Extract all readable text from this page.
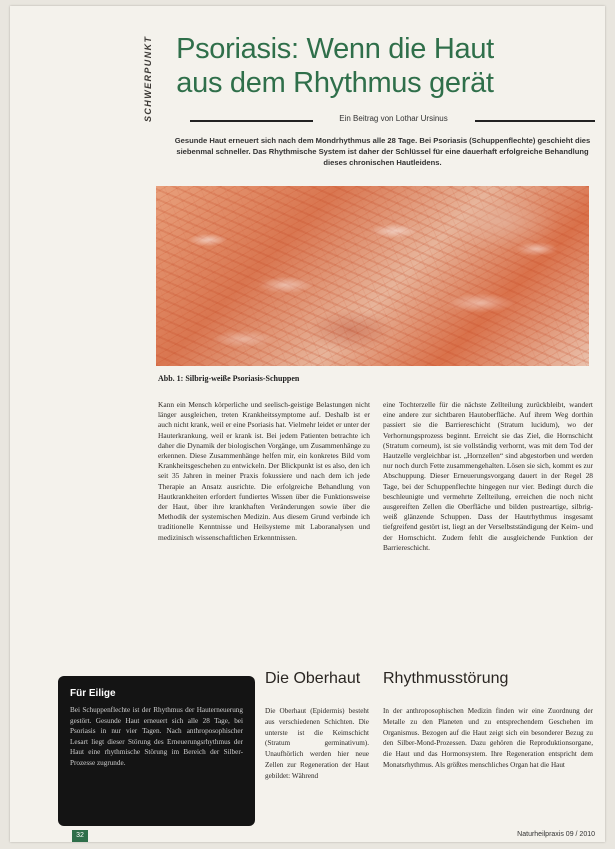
SCHWERPUNKT Psoriasis: Wenn die Haut
aus dem Rhythmus gerät
Ein Beitrag von Lothar Ursinus
Gesunde Haut erneuert sich nach dem Mondrhythmus alle 28 Tage. Bei Psoriasis (Schuppenflechte) geschieht dies siebenmal schneller. Das Rhythmische System ist daher der Schlüssel für eine dauerhaft erfolgreiche Behandlung dieses chronischen Hautleidens.
Abb. 1: Silbrig-weiße Psoriasis-Schuppen

Kann ein Mensch körperliche und seelisch-geistige Belastungen nicht länger ausgleichen, treten Krankheitssymptome auf. Deshalb ist er auch nicht krank, weil er eine Psoriasis hat. Vielmehr leidet er unter der Hauterkrankung, weil er krank ist. Bei jedem Patienten betrachte ich daher die Dynamik der biologischen Vorgänge, um Zusammenhänge zu erkennen. Diese Zusammenhänge helfen mir, ein konkretes Bild vom Krankheitsgeschehen zu entwickeln. Der Blickpunkt ist es also, den ich seit 35 Jahren in meiner Praxis fokussiere und nach dem ich jede Therapie an Ansatz ausrichte. Die erfolgreiche Behandlung von Hautkrankheiten erfordert fundiertes Wissen über die Funktionsweise der Haut, über ihre krankhaften Veränderungen sowie über die Methodik der systemischen Medizin. Aus diesem Grund verbinde ich traditionelle Kenntnisse und Heilsysteme mit Laboranalysen und medizinisch wissenschaftlichen Erkenntnissen.

eine Tochterzelle für die nächste Zellteilung zurückbleibt, wandert eine andere zur sichtbaren Hautoberfläche. Auf ihrem Weg dorthin passiert sie die Barriereschicht (Stratum lucidum), wo der Verhornungsprozess beginnt. Erreicht sie das Ziel, die Hornschicht (Stratum corneum), ist sie vollständig verhornt, was mit dem Tod der Hautzelle vergleichbar ist. „Hornzellen“ sind abgestorben und werden nur noch durch Fette zusammengehalten. Lösen sie sich, kommt es zur Abschuppung. Dieser Erneuerungsvorgang dauert in der Regel 28 Tage, bei der Schuppenflechte hingegen nur vier. Bedingt durch die beschleunigte und vermehrte Zellteilung, erreichen die noch nicht ausgereiften Zellen die Oberfläche und bilden pustreartige, silbrig-weiß glänzende Schuppen. Dass der Hautrhythmus insgesamt tiefgreifend gestört ist, liegt an der Verselbstständigung der Keim- und der Hornschicht. Zudem fehlt die ausgleichende Funktion der Barriereschicht.

Die Oberhaut Rhythmusstörung

Die Oberhaut (Epidermis) besteht aus verschiedenen Schichten. Die unterste ist die Keimschicht (Stratum germinativum). Unaufhörlich werden hier neue Zellen zur Regeneration der Haut gebildet: Während

In der anthroposophischen Medizin finden wir eine Zuordnung der Metalle zu den Planeten und zu entsprechendem Geschehen im Organismus. Bezogen auf die Haut zeigt sich ein besonderer Bezug zu den Silber-Mond-Prozessen. Dazu gehören die Reproduktionsorgane, die Haut und das Hormonsystem. Ihre Regeneration entspricht dem Monatsrhythmus. Als größtes menschliches Organ hat die Haut

Für Eilige
Bei Schuppenflechte ist der Rhythmus der Hauterneuerung gestört. Gesunde Haut erneuert sich alle 28 Tage, bei Psoriasis in nur vier Tagen. Nach anthroposophischer Lesart liegt dieser Störung des Erneuerungsrhythmus der Haut eine rhythmische Störung im Bereich der Silber-Prozesse zugrunde.
32	Naturheilpraxis 09 / 2010
